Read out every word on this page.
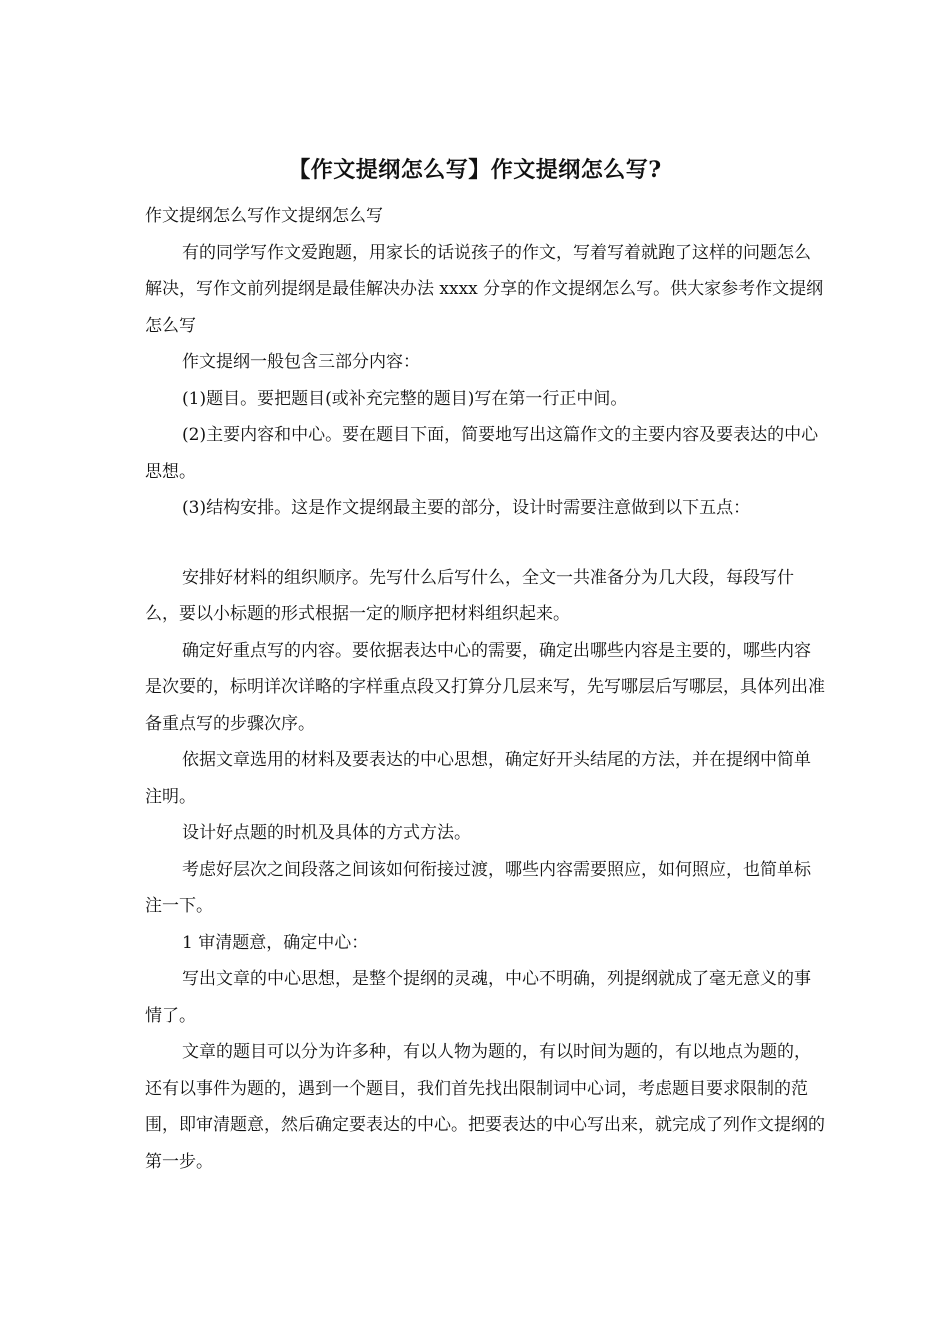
【作文提纲怎么写】作文提纲怎么写?

作文提纲怎么写作文提纲怎么写

有的同学写作文爱跑题，用家长的话说孩子的作文，写着写着就跑了这样的问题怎么解决，写作文前列提纲是最佳解决办法 xxxx 分享的作文提纲怎么写。供大家参考作文提纲怎么写

作文提纲一般包含三部分内容：

(1)题目。要把题目(或补充完整的题目)写在第一行正中间。

(2)主要内容和中心。要在题目下面，简要地写出这篇作文的主要内容及要表达的中心思想。

(3)结构安排。这是作文提纲最主要的部分，设计时需要注意做到以下五点：

安排好材料的组织顺序。先写什么后写什么，全文一共准备分为几大段，每段写什么，要以小标题的形式根据一定的顺序把材料组织起来。

确定好重点写的内容。要依据表达中心的需要，确定出哪些内容是主要的，哪些内容是次要的，标明详次详略的字样重点段又打算分几层来写，先写哪层后写哪层，具体列出准备重点写的步骤次序。

依据文章选用的材料及要表达的中心思想，确定好开头结尾的方法，并在提纲中简单注明。

设计好点题的时机及具体的方式方法。

考虑好层次之间段落之间该如何衔接过渡，哪些内容需要照应，如何照应，也简单标注一下。

1 审清题意，确定中心：

写出文章的中心思想，是整个提纲的灵魂，中心不明确，列提纲就成了毫无意义的事情了。

文章的题目可以分为许多种，有以人物为题的，有以时间为题的，有以地点为题的，还有以事件为题的，遇到一个题目，我们首先找出限制词中心词，考虑题目要求限制的范围，即审清题意，然后确定要表达的中心。把要表达的中心写出来，就完成了列作文提纲的第一步。
